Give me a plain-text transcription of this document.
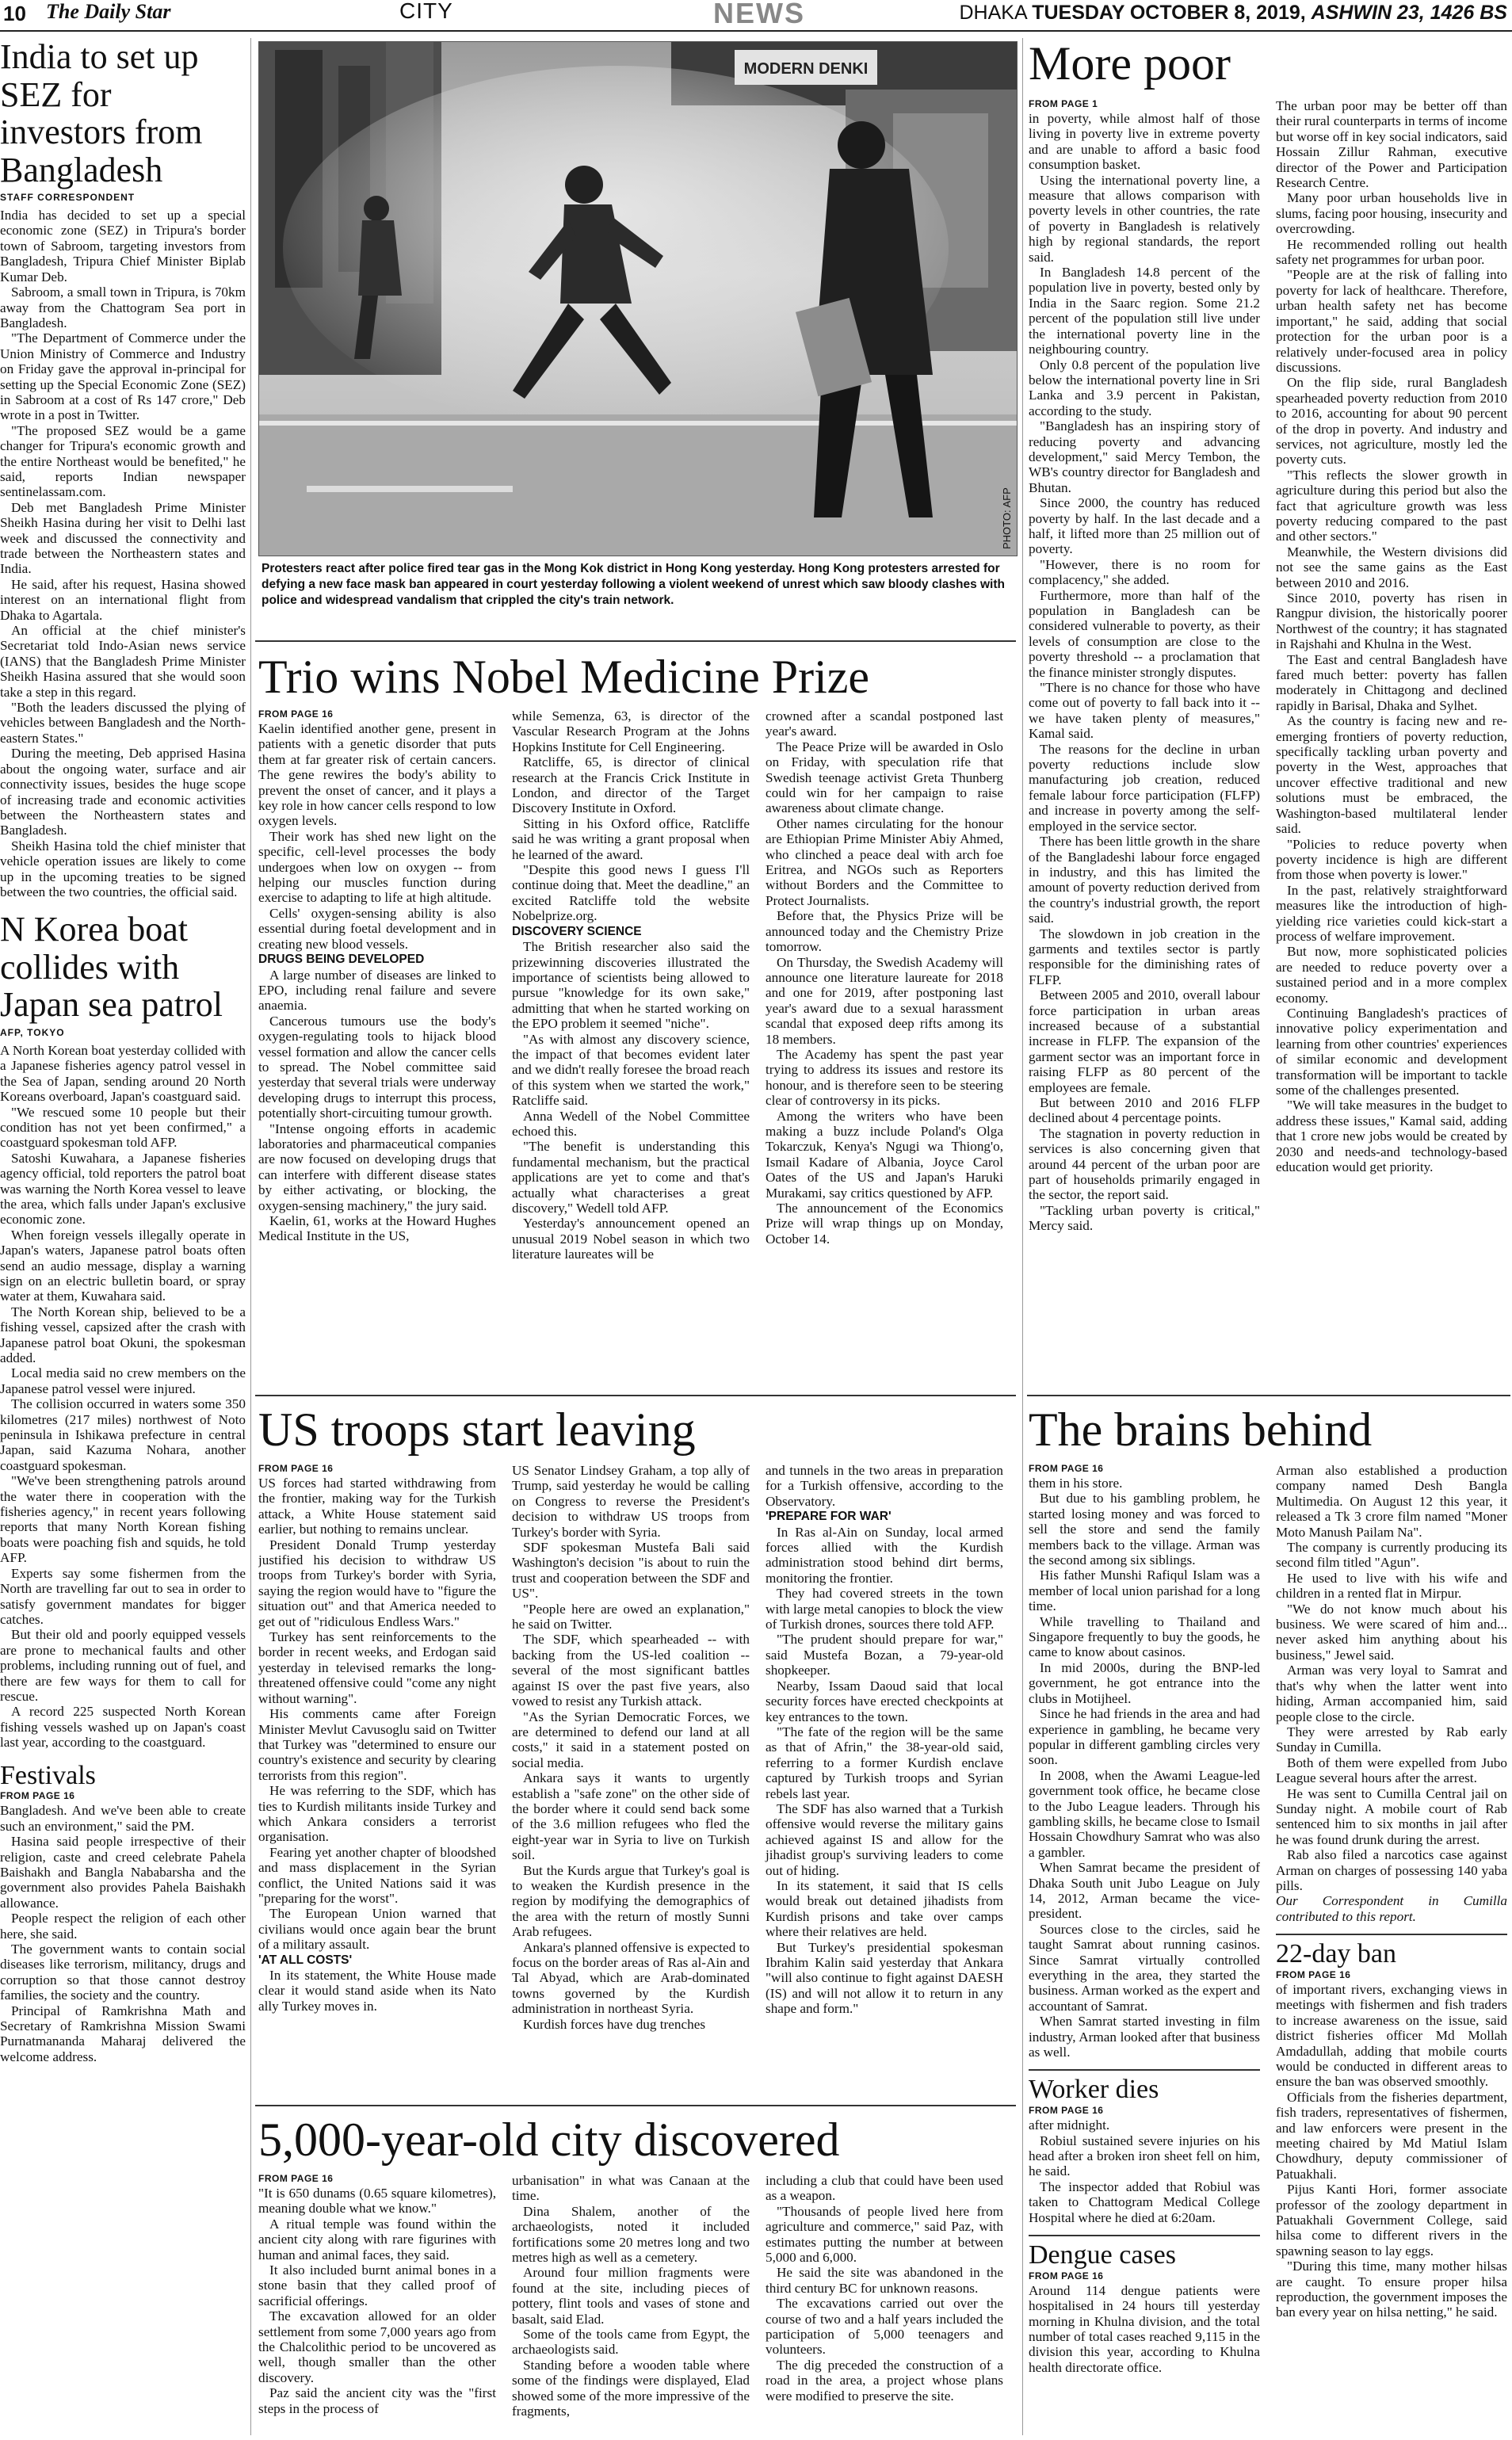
10 The Daily Star	CITY	NEWS	DHAKA TUESDAY OCTOBER 8, 2019, ASHWIN 23, 1426 BS
India to set up SEZ for investors from Bangladesh
STAFF CORRESPONDENT

India has decided to set up a special economic zone (SEZ) in Tripura's border town of Sabroom, targeting investors from Bangladesh, Tripura Chief Minister Biplab Kumar Deb.

Sabroom, a small town in Tripura, is 70km away from the Chattogram Sea port in Bangladesh.

"The Department of Commerce under the Union Ministry of Commerce and Industry on Friday gave the approval in-principal for setting up the Special Economic Zone (SEZ) in Sabroom at a cost of Rs 147 crore," Deb wrote in a post in Twitter.

"The proposed SEZ would be a game changer for Tripura's economic growth and the entire Northeast would be benefited," he said, reports Indian newspaper sentinelassam.com.

Deb met Bangladesh Prime Minister Sheikh Hasina during her visit to Delhi last week and discussed the connectivity and trade between the Northeastern states and India.

He said, after his request, Hasina showed interest on an international flight from Dhaka to Agartala.

An official at the chief minister's Secretariat told Indo-Asian news service (IANS) that the Bangladesh Prime Minister Sheikh Hasina assured that she would soon take a step in this regard.

"Both the leaders discussed the plying of vehicles between Bangladesh and the North-eastern States."

During the meeting, Deb apprised Hasina about the ongoing water, surface and air connectivity issues, besides the huge scope of increasing trade and economic activities between the Northeastern states and Bangladesh.

Sheikh Hasina told the chief minister that vehicle operation issues are likely to come up in the upcoming treaties to be signed between the two countries, the official said.

N Korea boat collides with Japan sea patrol
AFP, TOKYO

A North Korean boat yesterday collided with a Japanese fisheries agency patrol vessel in the Sea of Japan, sending around 20 North Koreans overboard, Japan's coastguard said.

"We rescued some 10 people but their condition has not yet been confirmed," a coastguard spokesman told AFP.

Satoshi Kuwahara, a Japanese fisheries agency official, told reporters the patrol boat was warning the North Korea vessel to leave the area, which falls under Japan's exclusive economic zone.

When foreign vessels illegally operate in Japan's waters, Japanese patrol boats often send an audio message, display a warning sign on an electric bulletin board, or spray water at them, Kuwahara said.

The North Korean ship, believed to be a fishing vessel, capsized after the crash with Japanese patrol boat Okuni, the spokesman added.

Local media said no crew members on the Japanese patrol vessel were injured.

The collision occurred in waters some 350 kilometres (217 miles) northwest of Noto peninsula in Ishikawa prefecture in central Japan, said Kazuma Nohara, another coastguard spokesman.

"We've been strengthening patrols around the water there in cooperation with the fisheries agency," in recent years following reports that many North Korean fishing boats were poaching fish and squids, he told AFP.

Experts say some fishermen from the North are travelling far out to sea in order to satisfy government mandates for bigger catches.

But their old and poorly equipped vessels are prone to mechanical faults and other problems, including running out of fuel, and there are few ways for them to call for rescue.

A record 225 suspected North Korean fishing vessels washed up on Japan's coast last year, according to the coastguard.

Festivals
FROM PAGE 16

Bangladesh. And we've been able to create such an environment," said the PM.

Hasina said people irrespective of their religion, caste and creed celebrate Pahela Baishakh and Bangla Nababarsha and the government also provides Pahela Baishakh allowance.

People respect the religion of each other here, she said.

The government wants to contain social diseases like terrorism, militancy, drugs and corruption so that those cannot destroy families, the society and the country.

Principal of Ramkrishna Math and Secretary of Ramkrishna Mission Swami Purnatmananda Maharaj delivered the welcome address.

MODERN DENKI
PHOTO: AFP
Protesters react after police fired tear gas in the Mong Kok district in Hong Kong yesterday. Hong Kong protesters arrested for defying a new face mask ban appeared in court yesterday following a violent weekend of unrest which saw bloody clashes with police and widespread vandalism that crippled the city's train network.
Trio wins Nobel Medicine Prize
FROM PAGE 16

Kaelin identified another gene, present in patients with a genetic disorder that puts them at far greater risk of certain cancers. The gene rewires the body's ability to prevent the onset of cancer, and it plays a key role in how cancer cells respond to low oxygen levels.

Their work has shed new light on the specific, cell-level processes the body undergoes when low on oxygen -- from helping our muscles function during exercise to adapting to life at high altitude.

Cells' oxygen-sensing ability is also essential during foetal development and in creating new blood vessels.

DRUGS BEING DEVELOPED

A large number of diseases are linked to EPO, including renal failure and severe anaemia.

Cancerous tumours use the body's oxygen-regulating tools to hijack blood vessel formation and allow the cancer cells to spread. The Nobel committee said yesterday that several trials were underway developing drugs to interrupt this process, potentially short-circuiting tumour growth.

"Intense ongoing efforts in academic laboratories and pharmaceutical companies are now focused on developing drugs that can interfere with different disease states by either activating, or blocking, the oxygen-sensing machinery," the jury said.

Kaelin, 61, works at the Howard Hughes Medical Institute in the US,

while Semenza, 63, is director of the Vascular Research Program at the Johns Hopkins Institute for Cell Engineering.

Ratcliffe, 65, is director of clinical research at the Francis Crick Institute in London, and director of the Target Discovery Institute in Oxford.

Sitting in his Oxford office, Ratcliffe said he was writing a grant proposal when he learned of the award.

"Despite this good news I guess I'll continue doing that. Meet the deadline," an excited Ratcliffe told the website Nobelprize.org.

DISCOVERY SCIENCE

The British researcher also said the prizewinning discoveries illustrated the importance of scientists being allowed to pursue "knowledge for its own sake," admitting that when he started working on the EPO problem it seemed "niche".

"As with almost any discovery science, the impact of that becomes evident later and we didn't really foresee the broad reach of this system when we started the work," Ratcliffe said.

Anna Wedell of the Nobel Committee echoed this.

"The benefit is understanding this fundamental mechanism, but the practical applications are yet to come and that's actually what characterises a great discovery," Wedell told AFP.

Yesterday's announcement opened an unusual 2019 Nobel season in which two literature laureates will be

crowned after a scandal postponed last year's award.

The Peace Prize will be awarded in Oslo on Friday, with speculation rife that Swedish teenage activist Greta Thunberg could win for her campaign to raise awareness about climate change.

Other names circulating for the honour are Ethiopian Prime Minister Abiy Ahmed, who clinched a peace deal with arch foe Eritrea, and NGOs such as Reporters without Borders and the Committee to Protect Journalists.

Before that, the Physics Prize will be announced today and the Chemistry Prize tomorrow.

On Thursday, the Swedish Academy will announce one literature laureate for 2018 and one for 2019, after postponing last year's award due to a sexual harassment scandal that exposed deep rifts among its 18 members.

The Academy has spent the past year trying to address its issues and restore its honour, and is therefore seen to be steering clear of controversy in its picks.

Among the writers who have been making a buzz include Poland's Olga Tokarczuk, Kenya's Ngugi wa Thiong'o, Ismail Kadare of Albania, Joyce Carol Oates of the US and Japan's Haruki Murakami, say critics questioned by AFP.

The announcement of the Economics Prize will wrap things up on Monday, October 14.

US troops start leaving
FROM PAGE 16

US forces had started withdrawing from the frontier, making way for the Turkish attack, a White House statement said earlier, but nothing to remains unclear.

President Donald Trump yesterday justified his decision to withdraw US troops from Turkey's border with Syria, saying the region would have to "figure the situation out" and that America needed to get out of "ridiculous Endless Wars."

Turkey has sent reinforcements to the border in recent weeks, and Erdogan said yesterday in televised remarks the long-threatened offensive could "come any night without warning".

His comments came after Foreign Minister Mevlut Cavusoglu said on Twitter that Turkey was "determined to ensure our country's existence and security by clearing terrorists from this region".

He was referring to the SDF, which has ties to Kurdish militants inside Turkey and which Ankara considers a terrorist organisation.

Fearing yet another chapter of bloodshed and mass displacement in the Syrian conflict, the United Nations said it was "preparing for the worst".

The European Union warned that civilians would once again bear the brunt of a military assault.

'AT ALL COSTS'

In its statement, the White House made clear it would stand aside when its Nato ally Turkey moves in.

US Senator Lindsey Graham, a top ally of Trump, said yesterday he would be calling on Congress to reverse the President's decision to withdraw US troops from Turkey's border with Syria.

SDF spokesman Mustefa Bali said Washington's decision "is about to ruin the trust and cooperation between the SDF and US".

"People here are owed an explanation," he said on Twitter.

The SDF, which spearheaded -- with backing from the US-led coalition -- several of the most significant battles against IS over the past five years, also vowed to resist any Turkish attack.

"As the Syrian Democratic Forces, we are determined to defend our land at all costs," it said in a statement posted on social media.

Ankara says it wants to urgently establish a "safe zone" on the other side of the border where it could send back some of the 3.6 million refugees who fled the eight-year war in Syria to live on Turkish soil.

But the Kurds argue that Turkey's goal is to weaken the Kurdish presence in the region by modifying the demographics of the area with the return of mostly Sunni Arab refugees.

Ankara's planned offensive is expected to focus on the border areas of Ras al-Ain and Tal Abyad, which are Arab-dominated towns governed by the Kurdish administration in northeast Syria.

Kurdish forces have dug trenches

and tunnels in the two areas in preparation for a Turkish offensive, according to the Observatory.

'PREPARE FOR WAR'

In Ras al-Ain on Sunday, local armed forces allied with the Kurdish administration stood behind dirt berms, monitoring the frontier.

They had covered streets in the town with large metal canopies to block the view of Turkish drones, sources there told AFP.

"The prudent should prepare for war," said Mustefa Bozan, a 79-year-old shopkeeper.

Nearby, Issam Daoud said that local security forces have erected checkpoints at key entrances to the town.

"The fate of the region will be the same as that of Afrin," the 38-year-old said, referring to a former Kurdish enclave captured by Turkish troops and Syrian rebels last year.

The SDF has also warned that a Turkish offensive would reverse the military gains achieved against IS and allow for the jihadist group's surviving leaders to come out of hiding.

In its statement, it said that IS cells would break out detained jihadists from Kurdish prisons and take over camps where their relatives are held.

But Turkey's presidential spokesman Ibrahim Kalin said yesterday that Ankara "will also continue to fight against DAESH (IS) and will not allow it to return in any shape and form."

5,000-year-old city discovered
FROM PAGE 16

"It is 650 dunams (0.65 square kilometres), meaning double what we know."

A ritual temple was found within the ancient city along with rare figurines with human and animal faces, they said.

It also included burnt animal bones in a stone basin that they called proof of sacrificial offerings.

The excavation allowed for an older settlement from some 7,000 years ago from the Chalcolithic period to be uncovered as well, though smaller than the other discovery.

Paz said the ancient city was the "first steps in the process of

urbanisation" in what was Canaan at the time.

Dina Shalem, another of the archaeologists, noted it included fortifications some 20 metres long and two metres high as well as a cemetery.

Around four million fragments were found at the site, including pieces of pottery, flint tools and vases of stone and basalt, said Elad.

Some of the tools came from Egypt, the archaeologists said.

Standing before a wooden table where some of the findings were displayed, Elad showed some of the more impressive of the fragments,

including a club that could have been used as a weapon.

"Thousands of people lived here from agriculture and commerce," said Paz, with estimates putting the number at between 5,000 and 6,000.

He said the site was abandoned in the third century BC for unknown reasons.

The excavations carried out over the course of two and a half years included the participation of 5,000 teenagers and volunteers.

The dig preceded the construction of a road in the area, a project whose plans were modified to preserve the site.

More poor
FROM PAGE 1

in poverty, while almost half of those living in poverty live in extreme poverty and are unable to afford a basic food consumption basket.

Using the international poverty line, a measure that allows comparison with poverty levels in other countries, the rate of poverty in Bangladesh is relatively high by regional standards, the report said.

In Bangladesh 14.8 percent of the population live in poverty, bested only by India in the Saarc region. Some 21.2 percent of the population still live under the international poverty line in the neighbouring country.

Only 0.8 percent of the population live below the international poverty line in Sri Lanka and 3.9 percent in Pakistan, according to the study.

"Bangladesh has an inspiring story of reducing poverty and advancing development," said Mercy Tembon, the WB's country director for Bangladesh and Bhutan.

Since 2000, the country has reduced poverty by half. In the last decade and a half, it lifted more than 25 million out of poverty.

"However, there is no room for complacency," she added.

Furthermore, more than half of the population in Bangladesh can be considered vulnerable to poverty, as their levels of consumption are close to the poverty threshold -- a proclamation that the finance minister strongly disputes.

"There is no chance for those who have come out of poverty to fall back into it -- we have taken plenty of measures," Kamal said.

The reasons for the decline in urban poverty reductions include slow manufacturing job creation, reduced female labour force participation (FLFP) and increase in poverty among the self-employed in the service sector.

There has been little growth in the share of the Bangladeshi labour force engaged in industry, and this has limited the amount of poverty reduction derived from the country's industrial growth, the report said.

The slowdown in job creation in the garments and textiles sector is partly responsible for the diminishing rates of FLFP.

Between 2005 and 2010, overall labour force participation in urban areas increased because of a substantial increase in FLFP. The expansion of the garment sector was an important force in raising FLFP as 80 percent of the employees are female.

But between 2010 and 2016 FLFP declined about 4 percentage points.

The stagnation in poverty reduction in services is also concerning given that around 44 percent of the urban poor are part of households primarily engaged in the sector, the report said.

"Tackling urban poverty is critical," Mercy said.

The urban poor may be better off than their rural counterparts in terms of income but worse off in key social indicators, said Hossain Zillur Rahman, executive director of the Power and Participation Research Centre.

Many poor urban households live in slums, facing poor housing, insecurity and overcrowding.

He recommended rolling out health safety net programmes for urban poor.

"People are at the risk of falling into poverty for lack of healthcare. Therefore, urban health safety net has become important," he said, adding that social protection for the urban poor is a relatively under-focused area in policy discussions.

On the flip side, rural Bangladesh spearheaded poverty reduction from 2010 to 2016, accounting for about 90 percent of the drop in poverty. And industry and services, not agriculture, mostly led the poverty cuts.

"This reflects the slower growth in agriculture during this period but also the fact that agriculture growth was less poverty reducing compared to the past and other sectors."

Meanwhile, the Western divisions did not see the same gains as the East between 2010 and 2016.

Since 2010, poverty has risen in Rangpur division, the historically poorer Northwest of the country; it has stagnated in Rajshahi and Khulna in the West.

The East and central Bangladesh have fared much better: poverty has fallen moderately in Chittagong and declined rapidly in Barisal, Dhaka and Sylhet.

As the country is facing new and re-emerging frontiers of poverty reduction, specifically tackling urban poverty and poverty in the West, approaches that uncover effective traditional and new solutions must be embraced, the Washington-based multilateral lender said.

"Policies to reduce poverty when poverty incidence is high are different from those when poverty is lower."

In the past, relatively straightforward measures like the introduction of high-yielding rice varieties could kick-start a process of welfare improvement.

But now, more sophisticated policies are needed to reduce poverty over a sustained period and in a more complex economy.

Continuing Bangladesh's practices of innovative policy experimentation and learning from other countries' experiences of similar economic and development transformation will be important to tackle some of the challenges presented.

"We will take measures in the budget to address these issues," Kamal said, adding that 1 crore new jobs would be created by 2030 and needs-and technology-based education would get priority.

The brains behind
FROM PAGE 16

them in his store.

But due to his gambling problem, he started losing money and was forced to sell the store and send the family members back to the village. Arman was the second among six siblings.

His father Munshi Rafiqul Islam was a member of local union parishad for a long time.

While travelling to Thailand and Singapore frequently to buy the goods, he came to know about casinos.

In mid 2000s, during the BNP-led government, he got entrance into the clubs in Motijheel.

Since he had friends in the area and had experience in gambling, he became very popular in different gambling circles very soon.

In 2008, when the Awami League-led government took office, he became close to the Jubo League leaders. Through his gambling skills, he became close to Ismail Hossain Chowdhury Samrat who was also a gambler.

When Samrat became the president of Dhaka South unit Jubo League on July 14, 2012, Arman became the vice-president.

Sources close to the circles, said he taught Samrat about running casinos. Since Samrat virtually controlled everything in the area, they started the business. Arman worked as the expert and accountant of Samrat.

When Samrat started investing in film industry, Arman looked after that business as well.

Worker dies
FROM PAGE 16

after midnight.

Robiul sustained severe injuries on his head after a broken iron sheet fell on him, he said.

The inspector added that Robiul was taken to Chattogram Medical College Hospital where he died at 6:20am.

Dengue cases
FROM PAGE 16

Around 114 dengue patients were hospitalised in 24 hours till yesterday morning in Khulna division, and the total number of total cases reached 9,115 in the division this year, according to Khulna health directorate office.

Arman also established a production company named Desh Bangla Multimedia. On August 12 this year, it released a Tk 3 crore film named "Moner Moto Manush Pailam Na".

The company is currently producing its second film titled "Agun".

He used to live with his wife and children in a rented flat in Mirpur.

"We do not know much about his business. We were scared of him and... never asked him anything about his business," Jewel said.

Arman was very loyal to Samrat and that's why when the latter went into hiding, Arman accompanied him, said people close to the circle.

They were arrested by Rab early Sunday in Cumilla.

Both of them were expelled from Jubo League several hours after the arrest.

He was sent to Cumilla Central jail on Sunday night. A mobile court of Rab sentenced him to six months in jail after he was found drunk during the arrest.

Rab also filed a narcotics case against Arman on charges of possessing 140 yaba pills.

Our Correspondent in Cumilla contributed to this report.

22-day ban
FROM PAGE 16

of important rivers, exchanging views in meetings with fishermen and fish traders to increase awareness on the issue, said district fisheries officer Md Mollah Amdadullah, adding that mobile courts would be conducted in different areas to ensure the ban was observed smoothly.

Officials from the fisheries department, fish traders, representatives of fishermen, and law enforcers were present in the meeting chaired by Md Matiul Islam Chowdhury, deputy commissioner of Patuakhali.

Pijus Kanti Hori, former associate professor of the zoology department in Patuakhali Government College, said hilsa come to different rivers in the spawning season to lay eggs.

"During this time, many mother hilsas are caught. To ensure proper hilsa reproduction, the government imposes the ban every year on hilsa netting," he said.
